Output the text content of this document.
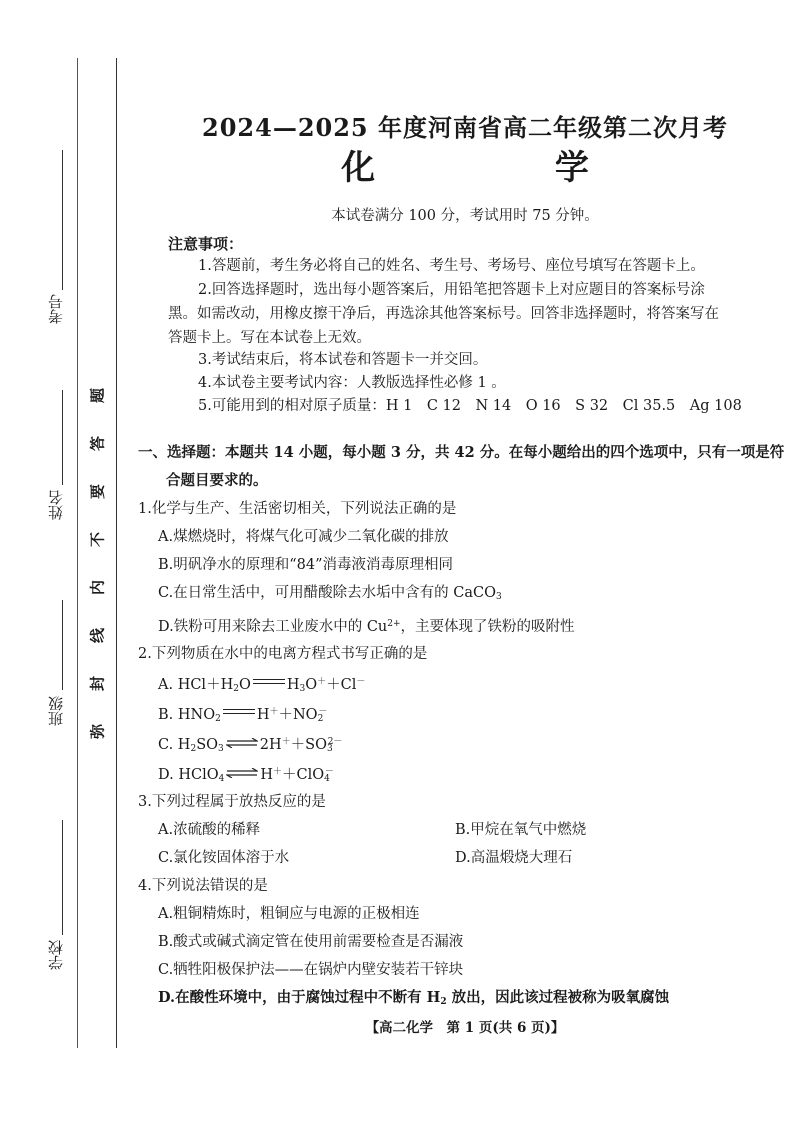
考号
姓名
班级
学校
弥
封
线
内
不
要
答
题
2024—2025 年度河南省高二年级第二次月考
化 学
本试卷满分 100 分，考试用时 75 分钟。
注意事项：
1.答题前，考生务必将自己的姓名、考生号、考场号、座位号填写在答题卡上。
2.回答选择题时，选出每小题答案后，用铅笔把答题卡上对应题目的答案标号涂
黑。如需改动，用橡皮擦干净后，再选涂其他答案标号。回答非选择题时，将答案写在
答题卡上。写在本试卷上无效。
3.考试结束后，将本试卷和答题卡一并交回。
4.本试卷主要考试内容：人教版选择性必修 1 。
5.可能用到的相对原子质量：H 1　C 12　N 14　O 16　S 32　Cl 35.5　Ag 108
一、选择题：本题共 14 小题，每小题 3 分，共 42 分。在每小题给出的四个选项中，只有一项是符
合题目要求的。
1.化学与生产、生活密切相关，下列说法正确的是
A.煤燃烧时，将煤气化可减少二氧化碳的排放
B.明矾净水的原理和“84”消毒液消毒原理相同
C.在日常生活中，可用醋酸除去水垢中含有的 CaCO$_3$
D.铁粉可用来除去工业废水中的 $Cu^{2+}$，主要体现了铁粉的吸附性
2.下列物质在水中的电离方程式书写正确的是
A. $HCl+H_2O$ $H_3O^++Cl^-$
B. $HNO_2$ $H^++NO_2^-$
C. $H_2SO_3$ ⇌ $2H^++SO_3^{2-}$
D. HClO$_4$ ⇌ H＋＋ClO$_4$－
3.下列过程属于放热反应的是
A.浓硫酸的稀释	B.甲烷在氧气中燃烧
C.氯化铵固体溶于水	D.高温煅烧大理石
4.下列说法错误的是
A.粗铜精炼时，粗铜应与电源的正极相连
B.酸式或碱式滴定管在使用前需要检查是否漏液
C.牺牲阳极保护法——在锅炉内壁安装若干锌块
D.在酸性环境中，由于腐蚀过程中不断有 $H_2$ 放出，因此该过程被称为吸氧腐蚀
【高二化学　第 1 页(共 6 页)】
